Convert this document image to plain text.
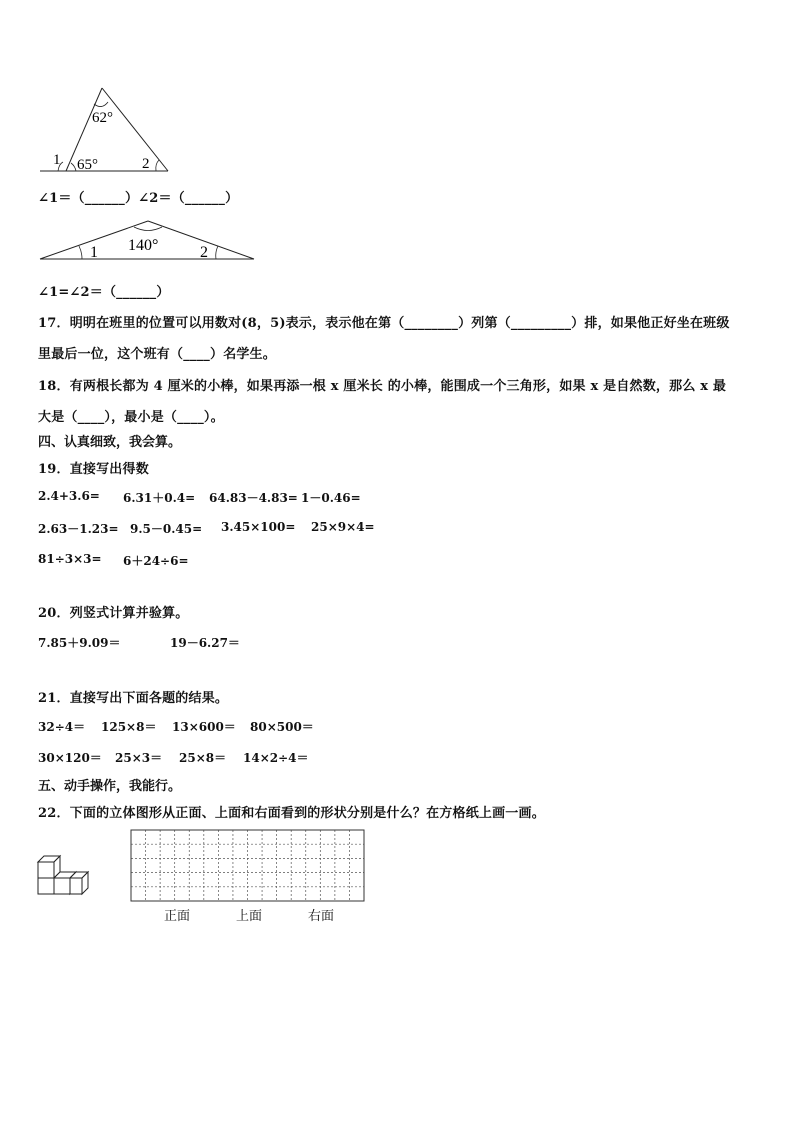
62°
1 65°	2
∠1＝（______）∠2＝（______）
140°
1	2
∠1=∠2＝（______）
17．明明在班里的位置可以用数对(8，5)表示，表示他在第（________）列第（_________）排，如果他正好坐在班级
里最后一位，这个班有（____）名学生。
18．有两根长都为 4 厘米的小棒，如果再添一根 x 厘米长 的小棒，能围成一个三角形，如果 x 是自然数，那么 x 最
大是（____），最小是（____）。
四、认真细致，我会算。
19．直接写出得数
2.4+3.6= 6.31＋0.4= 64.83－4.83= 1－0.46=
2.63－1.23= 9.5－0.45= 3.45×100= 25×9×4=
81÷3×3= 6＋24÷6=
20．列竖式计算并验算。
7.85＋9.09＝	19－6.27＝
21．直接写出下面各题的结果。
32÷4＝ 125×8＝ 13×600＝ 80×500＝
30×120＝ 25×3＝ 25×8＝ 14×2÷4＝
五、动手操作，我能行。
22．下面的立体图形从正面、上面和右面看到的形状分别是什么？在方格纸上画一画。
正面	上面	右面
